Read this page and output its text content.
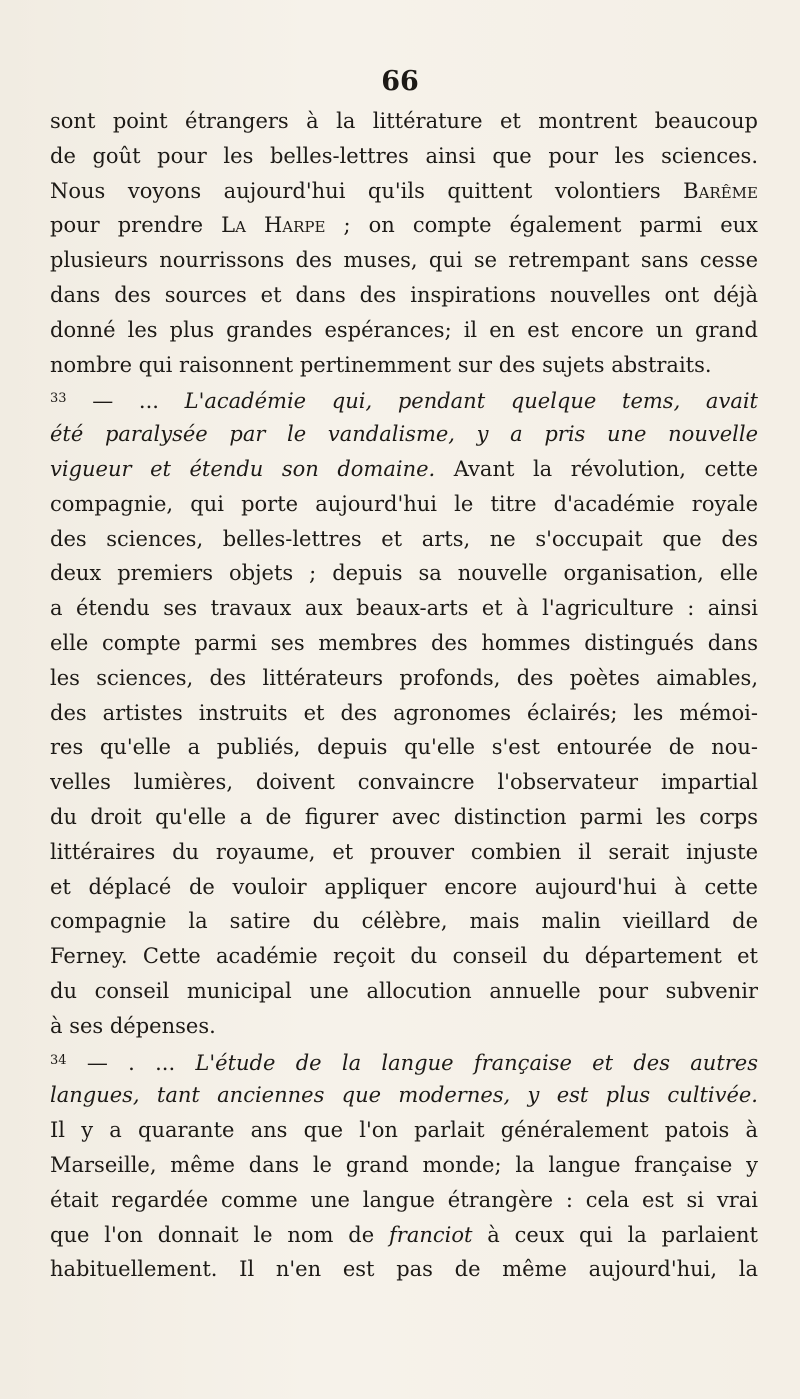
66
sont point étrangers à la littérature et montrent beaucoup
de goût pour les belles-lettres ainsi que pour les sciences.
Nous voyons aujourd'hui qu'ils quittent volontiers Barême
pour prendre La Harpe ; on compte également parmi eux
plusieurs nourrissons des muses, qui se retrempant sans cesse
dans des sources et dans des inspirations nouvelles ont déjà
donné les plus grandes espérances; il en est encore un grand
nombre qui raisonnent pertinemment sur des sujets abstraits.
$^{33}$ — ... L'académie qui, pendant quelque tems, avait
été paralysée par le vandalisme, y a pris une nouvelle
vigueur et étendu son domaine. Avant la révolution, cette
compagnie, qui porte aujourd'hui le titre d'académie royale
des sciences, belles-lettres et arts, ne s'occupait que des
deux premiers objets ; depuis sa nouvelle organisation, elle
a étendu ses travaux aux beaux-arts et à l'agriculture : ainsi
elle compte parmi ses membres des hommes distingués dans
les sciences, des littérateurs profonds, des poètes aimables,
des artistes instruits et des agronomes éclairés; les mémoi-
res qu'elle a publiés, depuis qu'elle s'est entourée de nou-
velles lumières, doivent convaincre l'observateur impartial
du droit qu'elle a de figurer avec distinction parmi les corps
littéraires du royaume, et prouver combien il serait injuste
et déplacé de vouloir appliquer encore aujourd'hui à cette
compagnie la satire du célèbre, mais malin vieillard de
Ferney. Cette académie reçoit du conseil du département et
du conseil municipal une allocution annuelle pour subvenir
à ses dépenses.
$^{34}$ — . ... L'étude de la langue française et des autres
langues, tant anciennes que modernes, y est plus cultivée.
Il y a quarante ans que l'on parlait généralement patois à
Marseille, même dans le grand monde; la langue française y
était regardée comme une langue étrangère : cela est si vrai
que l'on donnait le nom de franciot à ceux qui la parlaient
habituellement. Il n'en est pas de même aujourd'hui, la
